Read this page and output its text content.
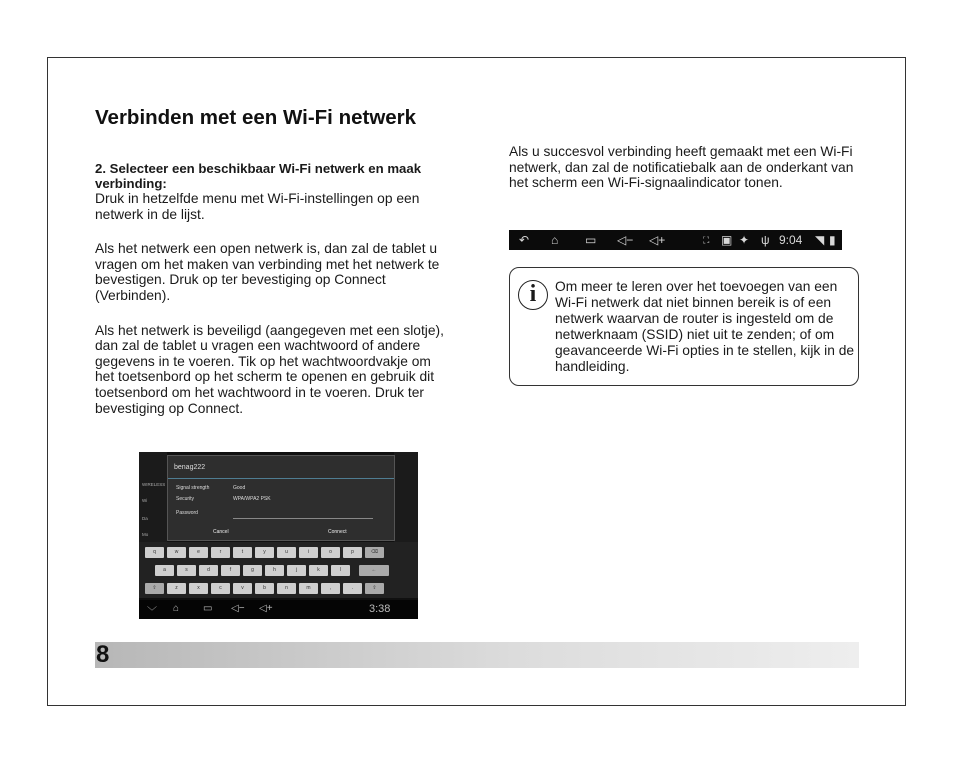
Verbinden met een Wi-Fi netwerk
2. Selecteer een beschikbaar Wi-Fi netwerk en maak verbinding:

Druk in hetzelfde menu met Wi-Fi-instellingen op een netwerk in de lijst.

Als het netwerk een open netwerk is, dan zal de tablet u vragen om het maken van verbinding met het netwerk te bevestigen. Druk op ter bevestiging op Connect (Verbinden).

Als het netwerk is beveiligd (aangegeven met een slotje), dan zal de tablet u vragen een wachtwoord of andere gegevens in te voeren. Tik op het wachtwoordvakje om het toetsenbord op het scherm te openen en gebruik dit toetsenbord om het wachtwoord in te voeren. Druk ter bevestiging op Connect.

WIRELESS
Wi
Da
Mo
benag222
Signal strength	Good
Security	WPA/WPA2 PSK
Password
Cancel	Connect
q	w	e	r	t	y	u	i	o	p	⌫
a	s	d	f	g	h	j	k	l	←
⇧	z	x	c	v	b	n	m	,	.	⇧
﹀ ⌂ ▭ ◁− ◁+	3:38

Als u succesvol verbinding heeft gemaakt met een Wi-Fi netwerk, dan zal de notificatiebalk aan de onderkant van het scherm een Wi-Fi-signaalindicator tonen.

↶ ⌂ ▭ ◁− ◁+	⛶ ▣ ✦ ψ 9:04 ◥ ▮
i	Om meer te leren over het toevoegen van een Wi-Fi netwerk dat niet binnen bereik is of een netwerk waarvan de router is ingesteld om de netwerknaam (SSID) niet uit te zenden; of om geavanceerde Wi-Fi opties in te stellen, kijk in de handleiding.
8
